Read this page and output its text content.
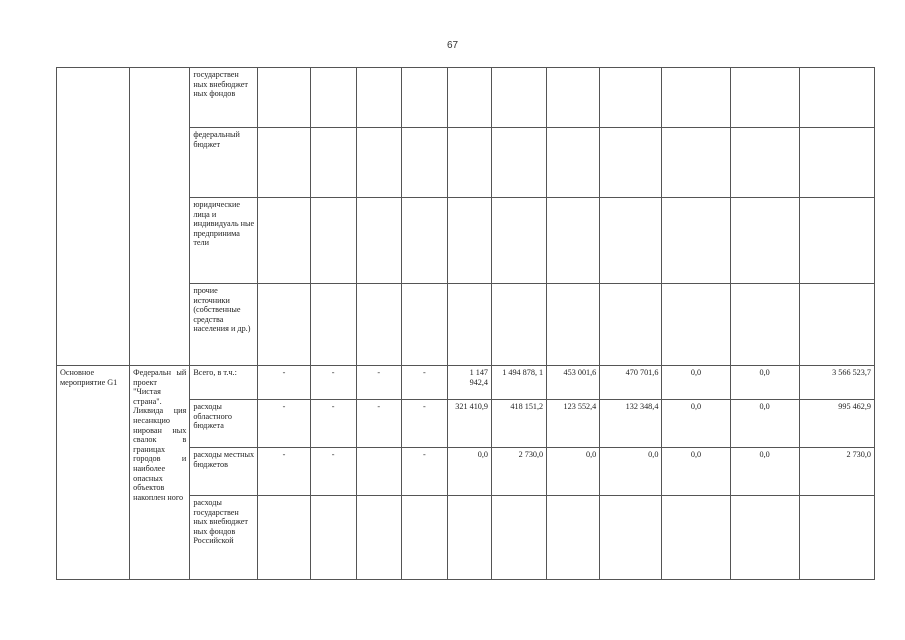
67
		государствен ных внебюджет ных фондов											
		федеральный бюджет											
		юридические лица и индивидуаль ные предпринима тели											
		прочие источники (собственные средства населения и др.)											
Основное мероприятие G1	Федеральн ый проект "Чистая страна". Ликвида ция несанкцио нирован ных свалок в границах городов и наиболее опасных объектов накоплен ного	Всего, в т.ч.:	-	-	-	-	1 147 942,4	1 494 878, 1	453 001,6	470 701,6	0,0	0,0	3 566 523,7
		расходы областного бюджета	-	-	-	-	321 410,9	418 151,2	123 552,4	132 348,4	0,0	0,0	995 462,9
		расходы местных бюджетов	-	-		-	0,0	2 730,0	0,0	0,0	0,0	0,0	2 730,0
		расходы государствен ных внебюджет ных фондов Российской											
